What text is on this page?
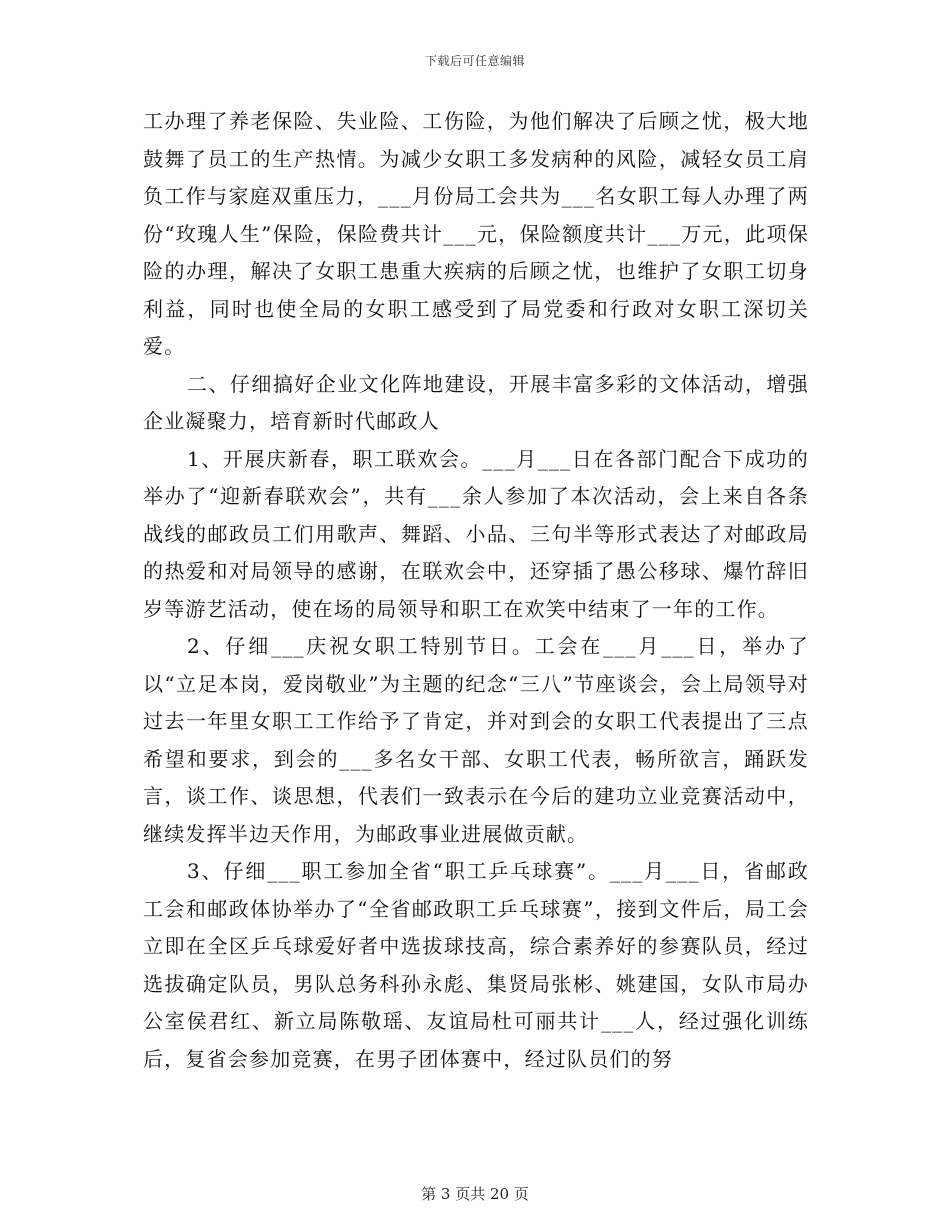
下载后可任意编辑

工办理了养老保险、失业险、工伤险，为他们解决了后顾之忧，极大地鼓舞了员工的生产热情。为减少女职工多发病种的风险，减轻女员工肩负工作与家庭双重压力，___月份局工会共为___名女职工每人办理了两份“玫瑰人生”保险，保险费共计___元，保险额度共计___万元，此项保险的办理，解决了女职工患重大疾病的后顾之忧，也维护了女职工切身利益，同时也使全局的女职工感受到了局党委和行政对女职工深切关爱。

二、仔细搞好企业文化阵地建设，开展丰富多彩的文体活动，增强企业凝聚力，培育新时代邮政人

1、开展庆新春，职工联欢会。___月___日在各部门配合下成功的举办了“迎新春联欢会”，共有___余人参加了本次活动，会上来自各条战线的邮政员工们用歌声、舞蹈、小品、三句半等形式表达了对邮政局的热爱和对局领导的感谢，在联欢会中，还穿插了愚公移球、爆竹辞旧岁等游艺活动，使在场的局领导和职工在欢笑中结束了一年的工作。

2、仔细___庆祝女职工特别节日。工会在___月___日，举办了以“立足本岗，爱岗敬业”为主题的纪念“三八”节座谈会，会上局领导对过去一年里女职工工作给予了肯定，并对到会的女职工代表提出了三点希望和要求，到会的___多名女干部、女职工代表，畅所欲言，踊跃发言，谈工作、谈思想，代表们一致表示在今后的建功立业竞赛活动中，继续发挥半边天作用，为邮政事业进展做贡献。

3、仔细___职工参加全省“职工乒乓球赛”。___月___日，省邮政工会和邮政体协举办了“全省邮政职工乒乓球赛”，接到文件后，局工会立即在全区乒乓球爱好者中选拔球技高，综合素养好的参赛队员，经过选拔确定队员，男队总务科孙永彪、集贤局张彬、姚建国，女队市局办公室侯君红、新立局陈敬瑶、友谊局杜可丽共计___人，经过强化训练后，复省会参加竞赛，在男子团体赛中，经过队员们的努

第 3 页共 20 页
